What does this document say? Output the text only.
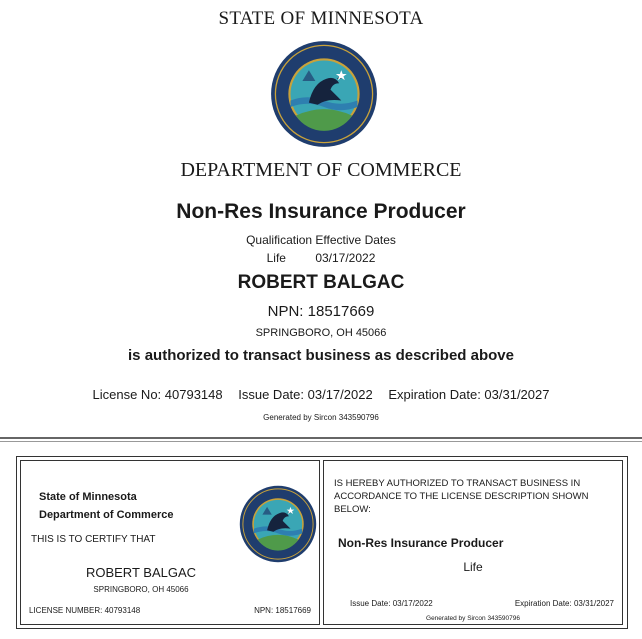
STATE OF MINNESOTA
DEPARTMENT OF COMMERCE
Non-Res Insurance Producer
Qualification Effective Dates
Life 03/17/2022
ROBERT BALGAC
NPN: 18517669
SPRINGBORO, OH 45066
is authorized to transact business as described above
License No: 40793148 Issue Date: 03/17/2022 Expiration Date: 03/31/2027
Generated by Sircon 343590796
State of Minnesota
Department of Commerce
THIS IS TO CERTIFY THAT
ROBERT BALGAC
SPRINGBORO, OH 45066
LICENSE NUMBER: 40793148	NPN: 18517669
IS HEREBY AUTHORIZED TO TRANSACT BUSINESS IN ACCORDANCE TO THE LICENSE DESCRIPTION SHOWN BELOW:
Non-Res Insurance Producer
Life
Issue Date: 03/17/2022	Expiration Date: 03/31/2027
Generated by Sircon 343590796
